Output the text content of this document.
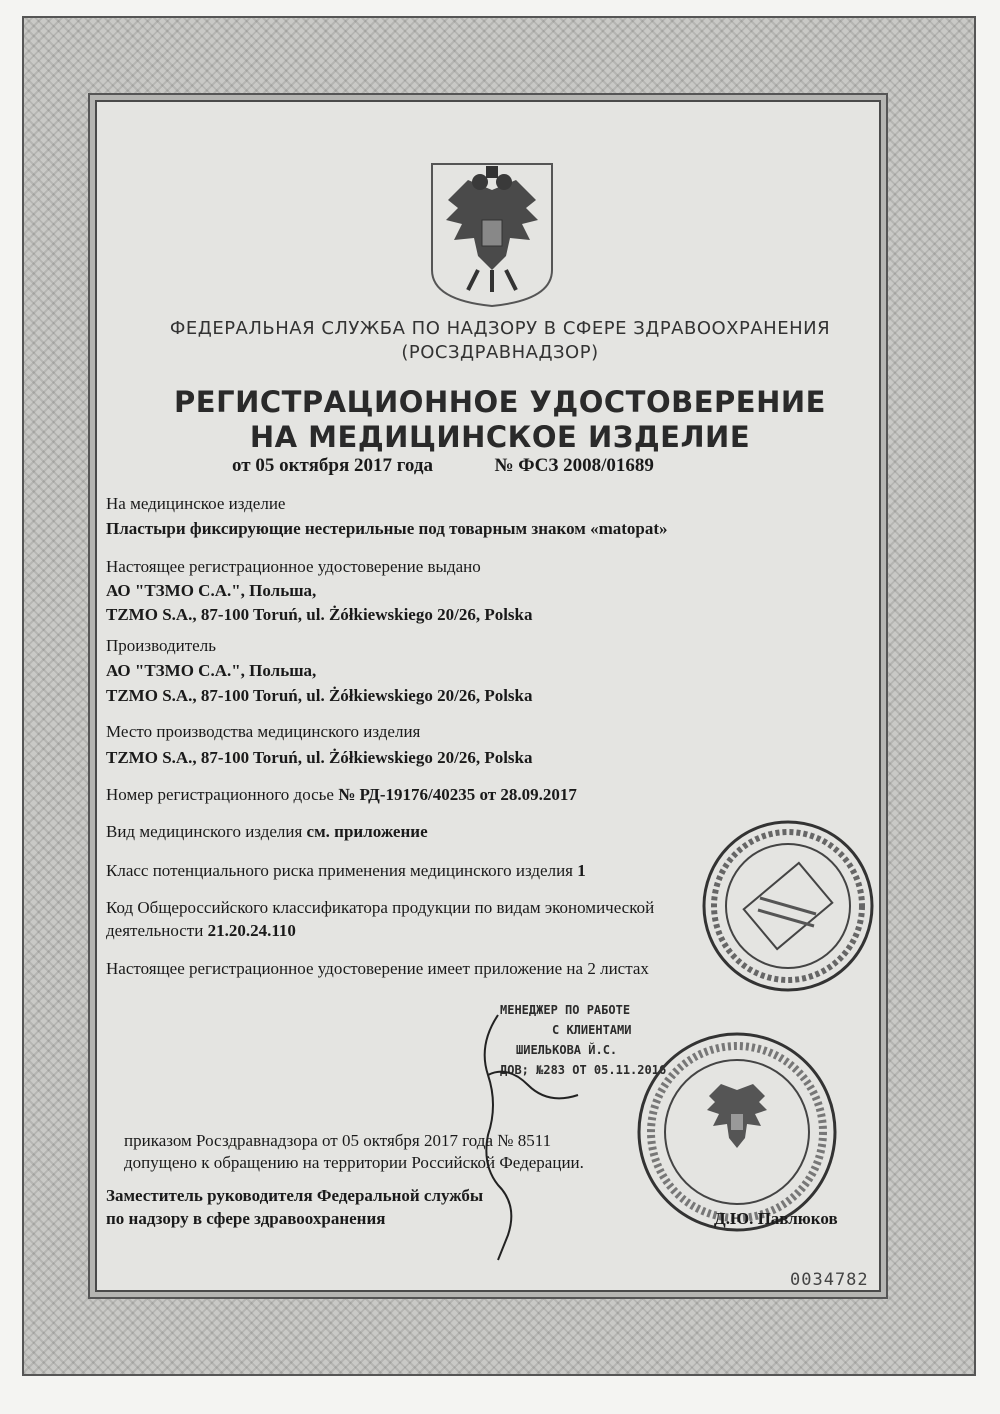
ФЕДЕРАЛЬНАЯ СЛУЖБА ПО НАДЗОРУ В СФЕРЕ ЗДРАВООХРАНЕНИЯ
(РОСЗДРАВНАДЗОР)
РЕГИСТРАЦИОННОЕ УДОСТОВЕРЕНИЕ
НА МЕДИЦИНСКОЕ ИЗДЕЛИЕ
от 05 октября 2017 года	№ ФСЗ 2008/01689
На медицинское изделие
Пластыри фиксирующие нестерильные под товарным знаком «matopat»
Настоящее регистрационное удостоверение выдано
АО "ТЗМО С.А.", Польша,
TZMO S.A., 87-100 Toruń, ul. Żółkiewskiego 20/26, Polska
Производитель
АО "ТЗМО С.А.", Польша,
TZMO S.A., 87-100 Toruń, ul. Żółkiewskiego 20/26, Polska
Место производства медицинского изделия
TZMO S.A., 87-100 Toruń, ul. Żółkiewskiego 20/26, Polska
Номер регистрационного досье № РД-19176/40235 от 28.09.2017
Вид медицинского изделия см. приложение
Класс потенциального риска применения медицинского изделия 1
Код Общероссийского классификатора продукции по видам экономической
деятельности 21.20.24.110
Настоящее регистрационное удостоверение имеет приложение на 2 листах
МЕНЕДЖЕР ПО РАБОТЕ
С КЛИЕНТАМИ
ШИЕЛЬКОВА Й.С.
ДОВ; №283 ОТ 05.11.2016
приказом Росздравнадзора от 05 октября 2017 года № 8511
допущено к обращению на территории Российской Федерации.
Заместитель руководителя Федеральной службы
по надзору в сфере здравоохранения	Д.Ю. Павлюков
0034782
